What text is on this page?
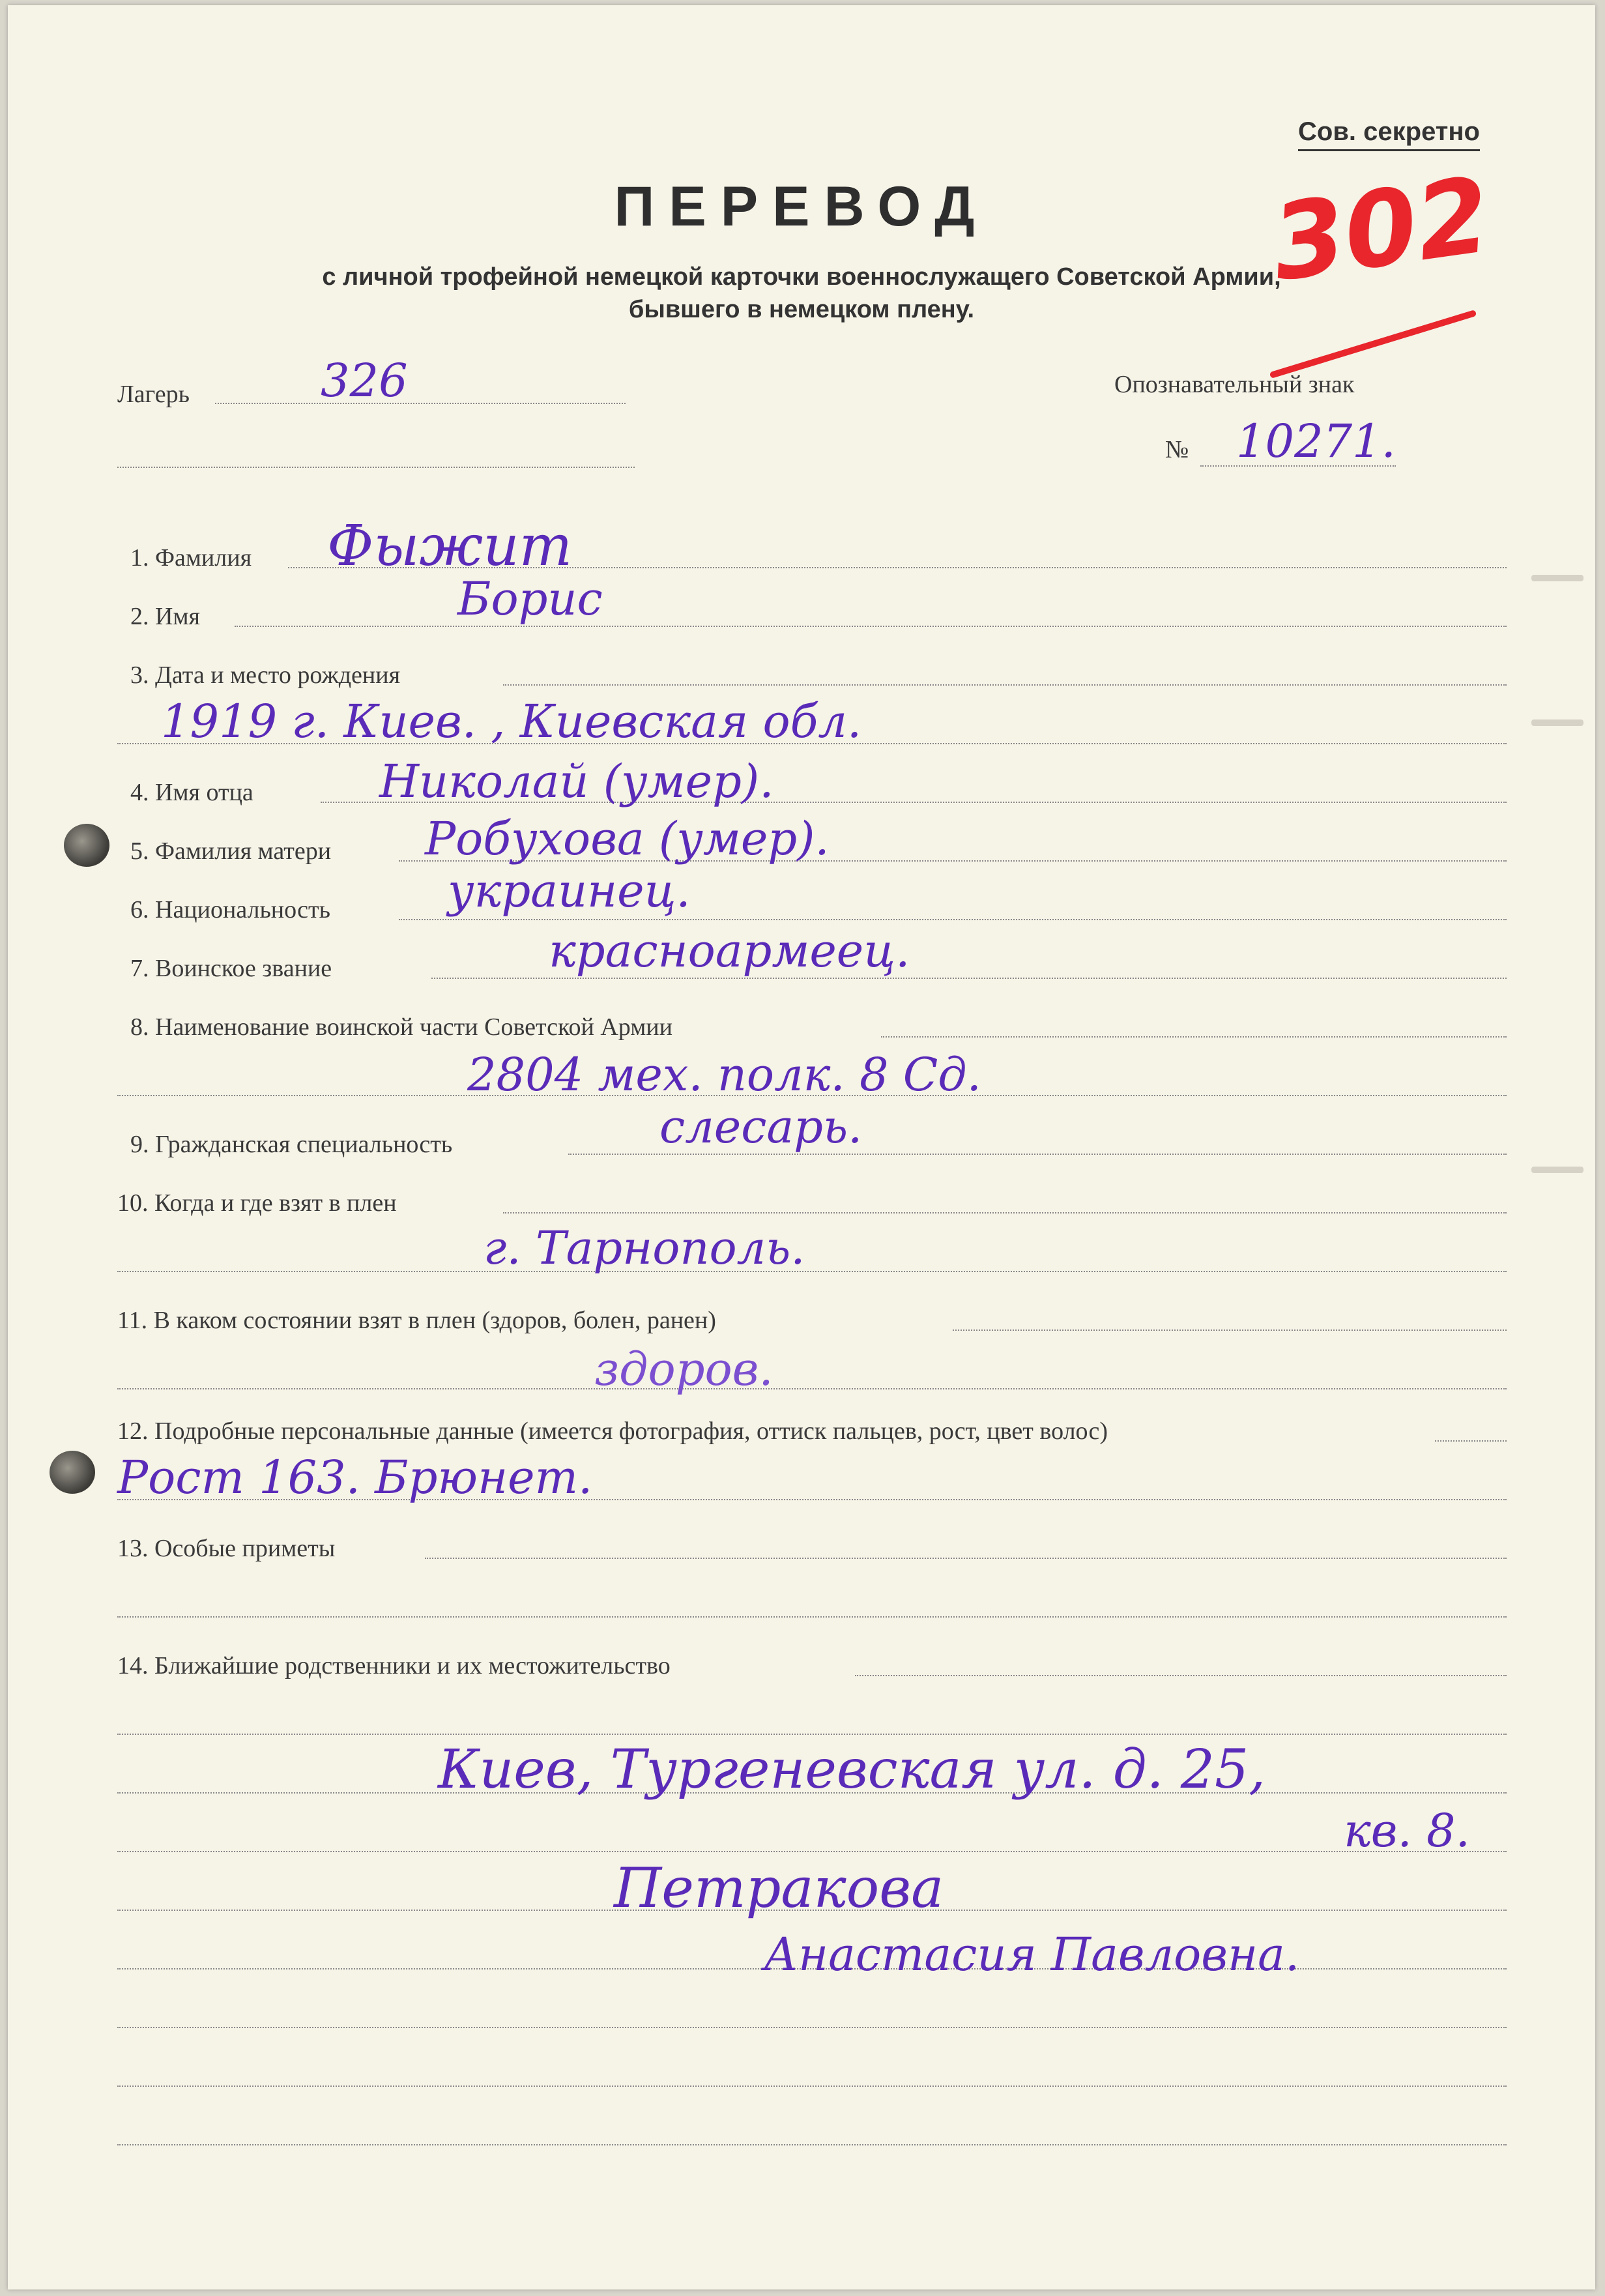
Сов. секретно
ПЕРЕВОД
с личной трофейной немецкой карточки военнослужащего Советской Армии,
бывшего в немецком плену.
302
Лагерь	326	Опознавательный знак
№ 10271.
1. Фамилия Фыжит
2. Имя	Борис
3. Дата и место рождения
1919 г. Киев. , Киевская обл.
4. Имя отца	Николай (умер).
5. Фамилия матери Робухова (умер).
6. Национальность	украинец.
7. Воинское звание	красноармеец.
8. Наименование воинской части Советской Армии
2804 мех. полк. 8 Сд.
9. Гражданская специальность	слесарь.
10. Когда и где взят в плен
г. Тарнополь.
11. В каком состоянии взят в плен (здоров, болен, ранен)
здоров.
12. Подробные персональные данные (имеется фотография, оттиск пальцев, рост, цвет волос)
Рост 163. Брюнет.
13. Особые приметы
14. Ближайшие родственники и их местожительство
Киев, Тургеневская ул. д. 25,
кв. 8.
Петракова
Анастасия Павловна.
